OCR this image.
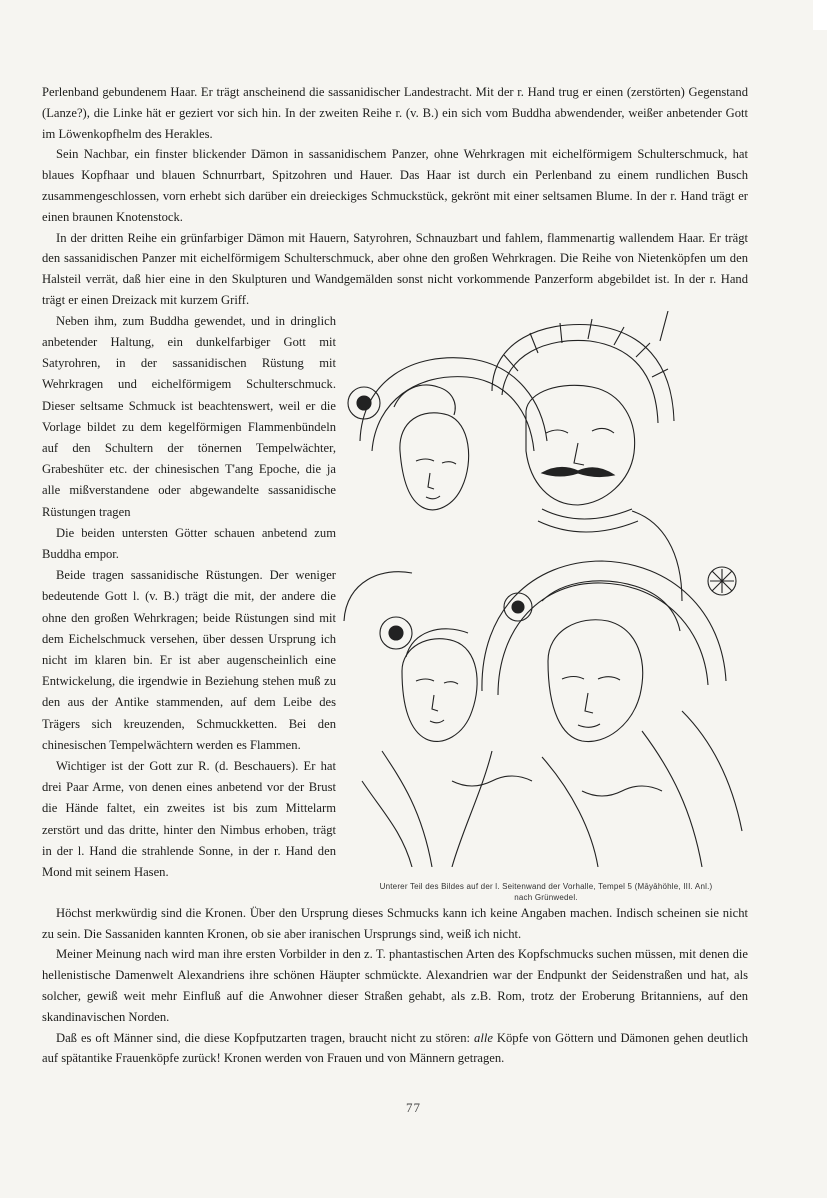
Perlenband gebundenem Haar. Er trägt anscheinend die sassanidischer Landestracht. Mit der r. Hand trug er einen (zerstörten) Gegenstand (Lanze?), die Linke hät er geziert vor sich hin. In der zweiten Reihe r. (v. B.) ein sich vom Buddha abwendender, weißer anbetender Gott im Löwenkopfhelm des Herakles.

Sein Nachbar, ein finster blickender Dämon in sassanidischem Panzer, ohne Wehrkragen mit eichelförmigem Schulterschmuck, hat blaues Kopfhaar und blauen Schnurrbart, Spitzohren und Hauer. Das Haar ist durch ein Perlenband zu einem rundlichen Busch zusammengeschlossen, vorn erhebt sich darüber ein dreieckiges Schmuckstück, gekrönt mit einer seltsamen Blume. In der r. Hand trägt er einen braunen Knotenstock.

In der dritten Reihe ein grünfarbiger Dämon mit Hauern, Satyrohren, Schnauzbart und fahlem, flammenartig wallendem Haar. Er trägt den sassanidischen Panzer mit eichelförmigem Schulterschmuck, aber ohne den großen Wehrkragen. Die Reihe von Nietenköpfen um den Halsteil verrät, daß hier eine in den Skulpturen und Wandgemälden sonst nicht vorkommende Panzerform abgebildet ist. In der r. Hand trägt er einen Dreizack mit kurzem Griff.

Neben ihm, zum Buddha gewendet, und in dringlich anbetender Haltung, ein dunkelfarbiger Gott mit Satyrohren, in der sassanidischen Rüstung mit Wehrkragen und eichelförmigem Schulterschmuck. Dieser seltsame Schmuck ist beachtenswert, weil er die Vorlage bildet zu dem kegelförmigen Flammenbündeln auf den Schultern der tönernen Tempelwächter, Grabeshüter etc. der chinesischen T'ang Epoche, die ja alle mißverstandene oder abgewandelte sassanidische Rüstungen tragen

Die beiden untersten Götter schauen anbetend zum Buddha empor.

Beide tragen sassanidische Rüstungen. Der weniger bedeutende Gott l. (v. B.) trägt die mit, der andere die ohne den großen Wehrkragen; beide Rüstungen sind mit dem Eichelschmuck versehen, über dessen Ursprung ich nicht im klaren bin. Er ist aber augenscheinlich eine Entwickelung, die irgendwie in Beziehung stehen muß zu den aus der Antike stammenden, auf dem Leibe des Trägers sich kreuzenden, Schmuckketten. Bei den chinesischen Tempelwächtern werden es Flammen.

Wichtiger ist der Gott zur R. (d. Beschauers). Er hat drei Paar Arme, von denen eines anbetend vor der Brust die Hände faltet, ein zweites ist bis zum Mittelarm zerstört und das dritte, hinter den Nimbus erhoben, trägt in der l. Hand die strahlende Sonne, in der r. Hand den Mond mit seinem Hasen.

Unterer Teil des Bildes auf der l. Seitenwand der Vorhalle, Tempel 5 (Māyāhöhle, III. Anl.)
nach Grünwedel.

Höchst merkwürdig sind die Kronen. Über den Ursprung dieses Schmucks kann ich keine Angaben machen. Indisch scheinen sie nicht zu sein. Die Sassaniden kannten Kronen, ob sie aber iranischen Ursprungs sind, weiß ich nicht.

Meiner Meinung nach wird man ihre ersten Vorbilder in den z. T. phantastischen Arten des Kopfschmucks suchen müssen, mit denen die hellenistische Damenwelt Alexandriens ihre schönen Häupter schmückte. Alexandrien war der Endpunkt der Seidenstraßen und hat, als solcher, gewiß weit mehr Einfluß auf die Anwohner dieser Straßen gehabt, als z.B. Rom, trotz der Eroberung Britanniens, auf den skandinavischen Norden.

Daß es oft Männer sind, die diese Kopfputzarten tragen, braucht nicht zu stören: alle Köpfe von Göttern und Dämonen gehen deutlich auf spätantike Frauenköpfe zurück! Kronen werden von Frauen und von Männern getragen.

77
